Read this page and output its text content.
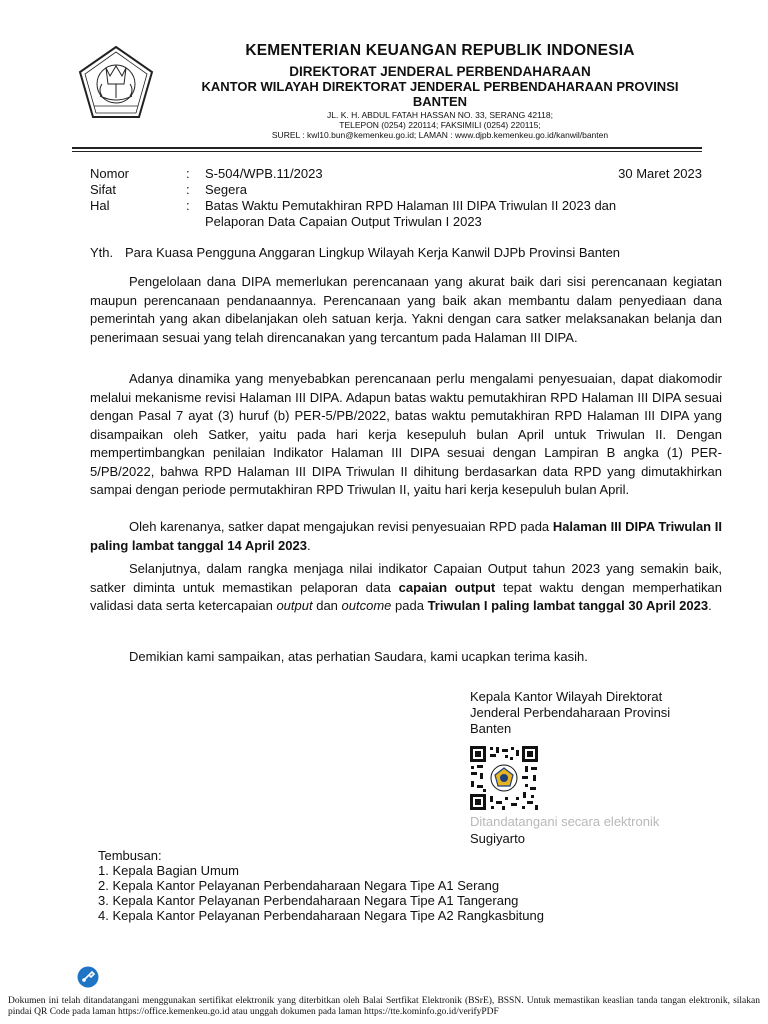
KEMENTERIAN KEUANGAN REPUBLIK INDONESIA
DIREKTORAT JENDERAL PERBENDAHARAAN
KANTOR WILAYAH DIREKTORAT JENDERAL PERBENDAHARAAN PROVINSI
BANTEN
JL. K. H. ABDUL FATAH HASSAN NO. 33, SERANG 42118;
TELEPON (0254) 220114; FAKSIMILI (0254) 220115;
SUREL : kwl10.bun@kemenkeu.go.id; LAMAN : www.djpb.kemenkeu.go.id/kanwil/banten
Nomor	: S-504/WPB.11/2023	30 Maret 2023
Sifat	: Segera
Hal	: Batas Waktu Pemutakhiran RPD Halaman III DIPA Triwulan II 2023 dan
Pelaporan Data Capaian Output Triwulan I 2023
Yth. Para Kuasa Pengguna Anggaran Lingkup Wilayah Kerja Kanwil DJPb Provinsi Banten
Pengelolaan dana DIPA memerlukan perencanaan yang akurat baik dari sisi perencanaan kegiatan maupun perencanaan pendanaannya. Perencanaan yang baik akan membantu dalam penyediaan dana pemerintah yang akan dibelanjakan oleh satuan kerja. Yakni dengan cara satker melaksanakan belanja dan penerimaan sesuai yang telah direncanakan yang tercantum pada Halaman III DIPA.
Adanya dinamika yang menyebabkan perencanaan perlu mengalami penyesuaian, dapat diakomodir melalui mekanisme revisi Halaman III DIPA. Adapun batas waktu pemutakhiran RPD Halaman III DIPA sesuai dengan Pasal 7 ayat (3) huruf (b) PER-5/PB/2022, batas waktu pemutakhiran RPD Halaman III DIPA yang disampaikan oleh Satker, yaitu pada hari kerja kesepuluh bulan April untuk Triwulan II. Dengan mempertimbangkan penilaian Indikator Halaman III DIPA sesuai dengan Lampiran B angka (1) PER-5/PB/2022, bahwa RPD Halaman III DIPA Triwulan II dihitung berdasarkan data RPD yang dimutakhirkan sampai dengan periode permutakhiran RPD Triwulan II, yaitu hari kerja kesepuluh bulan April.
Oleh karenanya, satker dapat mengajukan revisi penyesuaian RPD pada Halaman III DIPA Triwulan II paling lambat tanggal 14 April 2023.
Selanjutnya, dalam rangka menjaga nilai indikator Capaian Output tahun 2023 yang semakin baik, satker diminta untuk memastikan pelaporan data capaian output tepat waktu dengan memperhatikan validasi data serta ketercapaian output dan outcome pada Triwulan I paling lambat tanggal 30 April 2023.
Demikian kami sampaikan, atas perhatian Saudara, kami ucapkan terima kasih.
Kepala Kantor Wilayah Direktorat
Jenderal Perbendaharaan Provinsi
Banten
Ditandatangani secara elektronik
Sugiyarto
Tembusan:
1. Kepala Bagian Umum
2. Kepala Kantor Pelayanan Perbendaharaan Negara Tipe A1 Serang
3. Kepala Kantor Pelayanan Perbendaharaan Negara Tipe A1 Tangerang
4. Kepala Kantor Pelayanan Perbendaharaan Negara Tipe A2 Rangkasbitung
Dokumen ini telah ditandatangani menggunakan sertifikat elektronik yang diterbitkan oleh Balai Sertfikat Elektronik (BSrE), BSSN. Untuk memastikan keaslian tanda tangan elektronik, silakan pindai QR Code pada laman https://office.kemenkeu.go.id atau unggah dokumen pada laman https://tte.kominfo.go.id/verifyPDF
